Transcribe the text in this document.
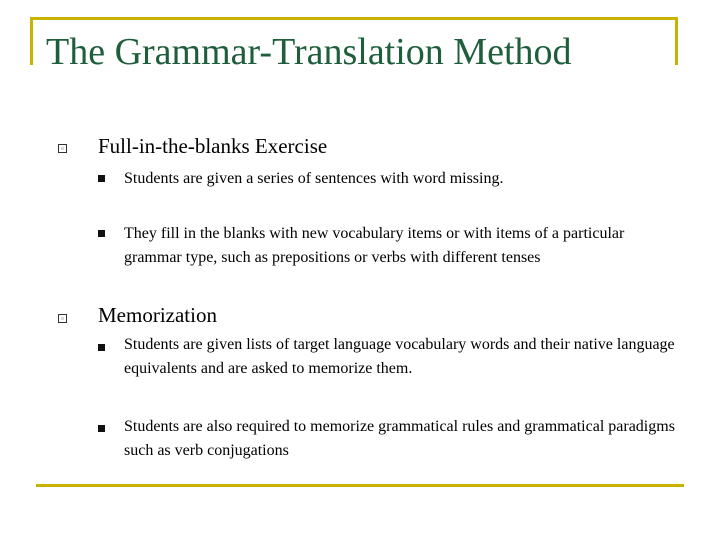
The Grammar-Translation Method
Full-in-the-blanks Exercise
Students are given a series of sentences with word missing.
They fill in the blanks with new vocabulary items or with items of a particular grammar type, such as prepositions or verbs with different tenses
Memorization
Students are given lists of target language vocabulary words and their native language equivalents and are asked to memorize them.
Students are also required to memorize grammatical rules and grammatical paradigms such as verb conjugations
